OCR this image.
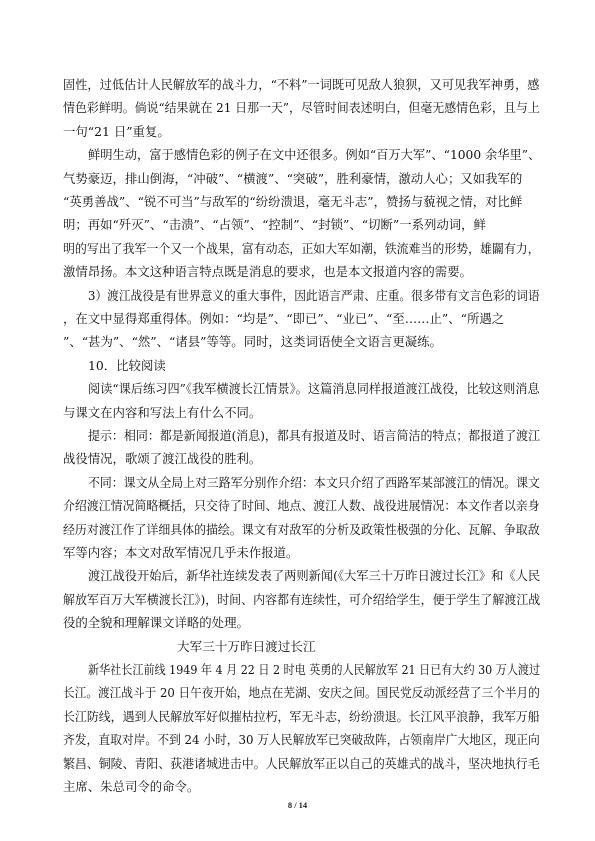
固性，过低估计人民解放军的战斗力，“不料”一词既可见敌人狼狈，又可见我军神勇，感
情色彩鲜明。倘说“结果就在 21 日那一天”，尽管时间表述明白，但毫无感情色彩，且与上
一句“21 日”重复。
鲜明生动，富于感情色彩的例子在文中还很多。例如“百万大军”、“1000 余华里”、
气势豪迈，排山倒海，“冲破”、“横渡”、“突破”，胜利豪情，激动人心；又如我军的
“英勇善战”、“锐不可当”与敌军的“纷纷溃退，毫无斗志”，赞扬与藐视之情，对比鲜
明；再如“歼灭”、“击溃”、“占领”、“控制”、“封锁”、“切断”一系列动词，鲜
明的写出了我军一个又一个战果，富有动态，正如大军如潮，铁流难当的形势，雄闢有力，
激情昂扬。本文这种语言特点既是消息的要求，也是本文报道内容的需要。
3）渡江战役是有世界意义的重大事件，因此语言严肃、庄重。很多带有文言色彩的词语
，在文中显得郑重得体。例如：“均是”、“即已”、“业已”、“至……止”、“所遇之
”、“甚为”、“然”、“诸县”等等。同时，这类词语使全文语言更凝练。
10．比较阅读
阅读“课后练习四”《我军横渡长江情景》。这篇消息同样报道渡江战役，比较这则消息
与课文在内容和写法上有什么不同。
提示：相同：都是新闻报道(消息)，都具有报道及时、语言简洁的特点；都报道了渡江
战役情况，歌颂了渡江战役的胜利。
不同：课文从全局上对三路军分别作介绍：本文只介绍了西路军某部渡江的情况。课文
介绍渡江情况简略概括，只交待了时间、地点、渡江人数、战役进展情况：本文作者以亲身
经历对渡江作了详细具体的描绘。课文有对敌军的分析及政策性极强的分化、瓦解、争取敌
军等内容；本文对敌军情况几乎未作报道。
渡江战役开始后，新华社连续发表了两则新闻(《大军三十万昨日渡过长江》和《人民
解放军百万大军横渡长江》)，时间、内容都有连续性，可介绍给学生，便于学生了解渡江战
役的全貌和理解课文详略的处理。
大军三十万昨日渡过长江
新华社长江前线 1949 年 4 月 22 日 2 时电 英勇的人民解放军 21 日已有大约 30 万人渡过
长江。渡江战斗于 20 日午夜开始，地点在芜湖、安庆之间。国民党反动派经营了三个半月的
长江防线，遇到人民解放军好似摧枯拉朽，军无斗志，纷纷溃退。长江风平浪静，我军万船
齐发，直取对岸。不到 24 小时，30 万人民解放军已突破敌阵，占领南岸广大地区，现正向
繁昌、铜陵、青阳、荻港诸城进击中。人民解放军正以自己的英雄式的战斗，坚决地执行毛
主席、朱总司令的命令。
8 / 14
